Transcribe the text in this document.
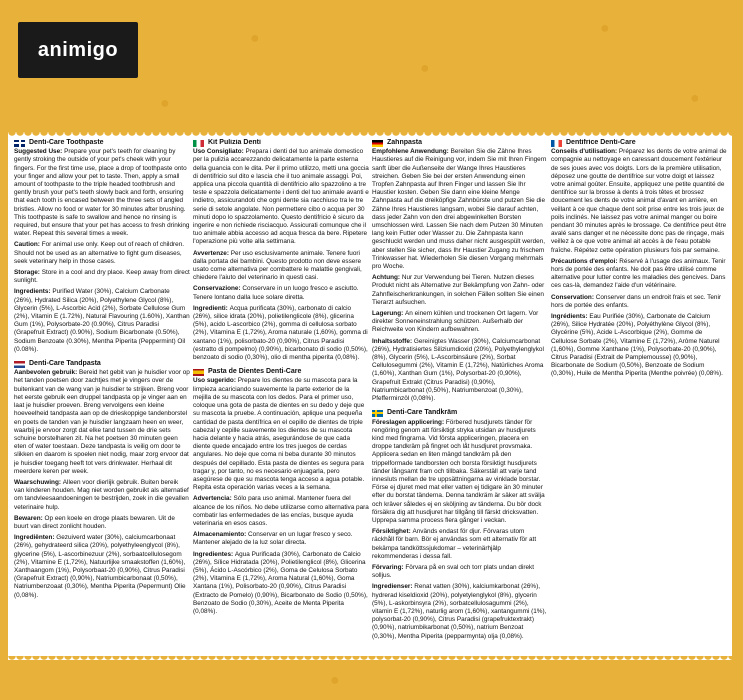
animigo	●
●
●
●
●
●
Denti-Care Toothpaste

Suggested Use: Prepare your pet's teeth for cleaning by gently stroking the outside of your pet's cheek with your fingers. For the first time use, place a drop of toothpaste onto your finger and allow your pet to taste. Then, apply a small amount of toothpaste to the triple headed toothbrush and gently brush your pet's teeth slowly back and forth, ensuring that each tooth is encased between the three sets of angled bristles. Allow no food or water for 30 minutes after brushing. This toothpaste is safe to swallow and hence no rinsing is required, but ensure that your pet has access to fresh drinking water. Repeat this several times a week.

Caution: For animal use only. Keep out of reach of children. Should not be used as an alternative to fight gum diseases, seek veterinary help in those cases.

Storage: Store in a cool and dry place. Keep away from direct sunlight.

Ingredients: Purified Water (30%), Calcium Carbonate (26%), Hydrated Silica (20%), Polyethylene Glycol (8%), Glycerin (5%), L-Ascorbic Acid (2%), Sorbate Cellulose Gum (2%), Vitamin E (1.72%), Natural Flavouring (1.60%), Xanthan Gum (1%), Polysorbate-20 (0.90%), Citrus Paradisi (Grapefruit Extract) (0.90%), Sodium Bicarbonate (0.50%), Sodium Benzoate (0.30%), Mentha Piperita (Peppermint) Oil (0.08%).

Denti-Care Tandpasta

Aanbevolen gebruik: Bereid het gebit van je huisdier voor op het tanden poetsen door zachtjes met je vingers over de buitenkant van de wang van je huisdier te strijken. Breng voor het eerste gebruik een druppel tandpasta op je vinger aan en laat je huisdier proeven. Breng vervolgens een kleine hoeveelheid tandpasta aan op de drieskoppige tandenborstel en poets de tanden van je huisdier langzaam heen en weer, waarbij je ervoor zorgt dat elke tand tussen de drie sets schuine borstelharen zit. Na het poetsen 30 minuten geen eten of water toestaan. Deze tandpasta is veilig om door te slikken en daarom is spoelen niet nodig, maar zorg ervoor dat je huisdier toegang heeft tot vers drinkwater. Herhaal dit meerdere keren per week.

Waarschuwing: Alleen voor dierlijk gebruik. Buiten bereik van kinderen houden. Mag niet worden gebruikt als alternatief om tandvleesaandoeningen te bestrijden, zoek in die gevallen veterinaire hulp.

Bewaren: Op een koele en droge plaats bewaren. Uit de buurt van direct zonlicht houden.

Ingrediënten: Gezuiverd water (30%), calciumcarbonaat (26%), gehydrateerd silica (20%), polyethyleenglycol (8%), glycerine (5%), L-ascorbinezuur (2%), sorbaatcellulosegom (2%), Vitamine E (1,72%), Natuurlijke smaakstoffen (1,60%), Xanthaangom (1%), Polysorbaat-20 (0,90%), Citrus Paradisi (Grapefruit Extract) (0,90%), Natriumbicarbonaat (0,50%), Natriumbenzoaat (0,30%), Mentha Piperita (Pepermunt) Olie (0,08%).

Kit Pulizia Denti

Uso Consigliato: Prepara i denti del tuo animale domestico per la pulizia accarezzando delicatamente la parte esterna della guancia con le dita. Per il primo utilizzo, metti una goccia di dentifricio sul dito e lascia che il tuo animale assaggi. Poi, applica una piccola quantità di dentifricio allo spazzolino a tre teste e spazzola delicatamente i denti del tuo animale avanti e indietro, assicurandoti che ogni dente sia racchiuso tra le tre serie di setole angolate. Non permettere cibo o acqua per 30 minuti dopo lo spazzolamento. Questo dentifricio è sicuro da ingerire e non richiede risciacquo. Assicurati comunque che il tuo animale abbia accesso ad acqua fresca da bere. Ripetere l'operazione più volte alla settimana.

Avvertenze: Per uso esclusivamente animale. Tenere fuori dalla portata dei bambini. Questo prodotto non deve essere usato come alternativa per combattere le malattie gengivali, chiedere l'aiuto del veterinario in questi casi.

Conservazione: Conservare in un luogo fresco e asciutto. Tenere lontano dalla luce solare diretta.

Ingredienti: Acqua purificata (30%), carbonato di calcio (26%), silice idrata (20%), polietilenglicole (8%), glicerina (5%), acido L-ascorbico (2%), gomma di cellulosa sorbato (2%), Vitamina E (1,72%), Aroma naturale (1,60%), gomma di xantano (1%), polisorbato-20 (0,90%), Citrus Paradisi (estratto di pompelmo) (0,90%), bicarbonato di sodio (0,50%), benzoato di sodio (0,30%), olio di mentha piperita (0,08%).

Pasta de Dientes Denti-Care

Uso sugerido: Prepare los dientes de su mascota para la limpieza acariciando suavemente la parte exterior de la mejilla de su mascota con los dedos. Para el primer uso, coloque una gota de pasta de dientes en su dedo y deje que su mascota la pruebe. A continuación, aplique una pequeña cantidad de pasta dentífrica en el cepillo de dientes de triple cabezal y cepille suavemente los dientes de su mascota hacia delante y hacia atrás, asegurándose de que cada diente quede encajado entre los tres juegos de cerdas angulares. No deje que coma ni beba durante 30 minutos después del cepillado. Esta pasta de dientes es segura para tragar y, por tanto, no es necesario enjuagarla, pero asegúrese de que su mascota tenga acceso a agua potable. Repita esta operación varias veces a la semana.

Advertencia: Sólo para uso animal. Mantener fuera del alcance de los niños. No debe utilizarse como alternativa para combatir las enfermedades de las encías, busque ayuda veterinaria en esos casos.

Almacenamiento: Conservar en un lugar fresco y seco. Mantener alejado de la luz solar directa.

Ingredientes: Agua Purificada (30%), Carbonato de Calcio (26%), Sílice Hidratada (20%), Polietilenglicol (8%), Glicerina (5%), Ácido L-Ascórbico (2%), Goma de Celulosa Sorbato (2%), Vitamina E (1,72%), Aroma Natural (1,60%), Goma Xantana (1%), Polisorbato-20 (0,90%), Citrus Paradisi (Extracto de Pomelo) (0,90%), Bicarbonato de Sodio (0,50%), Benzoato de Sodio (0,30%), Aceite de Menta Piperita (0,08%).

Zahnpasta

Empfohlene Anwendung: Bereiten Sie die Zähne Ihres Haustieres auf die Reinigung vor, indem Sie mit Ihren Fingern sanft über die Außenseite der Wange Ihres Haustieres streichen. Geben Sie bei der ersten Anwendung einen Tropfen Zahnpasta auf Ihren Finger und lassen Sie Ihr Haustier kosten. Geben Sie dann eine kleine Menge Zahnpasta auf die dreiköpfige Zahnbürste und putzen Sie die Zähne Ihres Haustieres langsam, wobei Sie darauf achten, dass jeder Zahn von den drei abgewinkelten Borsten umschlossen wird. Lassen Sie nach dem Putzen 30 Minuten lang kein Futter oder Wasser zu. Die Zahnpasta kann geschluckt werden und muss daher nicht ausgespült werden, aber stellen Sie sicher, dass Ihr Haustier Zugang zu frischem Trinkwasser hat. Wiederholen Sie diesen Vorgang mehrmals pro Woche.

Achtung: Nur zur Verwendung bei Tieren. Nutzen dieses Produkt nicht als Alternative zur Bekämpfung von Zahn- oder Zahnfleischerkrankungen, in solchen Fällen sollten Sie einen Tierarzt aufsuchen.

Lagerung: An einem kühlen und trockenen Ort lagern. Vor direkter Sonneneinstrahlung schützen. Außerhalb der Reichweite von Kindern aufbewahren.

Inhaltsstoffe: Gereinigtes Wasser (30%), Calciumcarbonat (26%), Hydratisiertes Siliziumdioxid (20%), Polyethylenglykol (8%), Glycerin (5%), L-Ascorbinsäure (2%), Sorbat Cellulosegummi (2%), Vitamin E (1,72%), Natürliches Aroma (1,60%), Xanthan Gum (1%), Polysorbat-20 (0,90%), Grapefruit Extrakt (Citrus Paradisi) (0,90%), Natriumbicarbonat (0,50%), Natriumbenzoat (0,30%), Pfefferminzöl (0,08%).

Denti-Care Tandkräm

Föreslagen applicering: Förbered husdjurets tänder för rengöring genom att försiktigt stryka utsidan av husdjurets kind med fingrarna. Vid första appliceringen, placera en droppe tandkräm på fingret och låt husdjuret provsmaka. Applicera sedan en liten mängd tandkräm på den trippelformade tandborsten och borsta försiktigt husdjurets tänder långsamt fram och tillbaka. Säkerställ att varje tand innesluts mellan de tre uppsättningarna av vinklade borstar. Förse ej djuret med mat eller vatten ej tidigare än 30 minuter efter du borstat tänderna. Denna tandkräm är säker att svälja och kräver således ej en sköljning av tänderna. Du bör dock försäkra dig att husdjuret har tillgång till färskt dricksvatten. Upprepa samma process flera gånger i veckan.

Försiktighet: Används endast för djur. Förvaras utom räckhåll för barn. Bör ej användas som ett alternativ för att bekämpa tandköttssjukdomar – veterinärhjälp rekommenderas i dessa fall.

Förvaring: Förvara på en sval och torr plats undan direkt solljus.

Ingredienser: Renat vatten (30%), kalciumkarbonat (26%), hydrerad kiseldioxid (20%), polyetylenglykol (8%), glycerin (5%), L-askorbinsyra (2%), sorbatcellulosagummi (2%), vitamin E (1,72%), naturlig arom (1,60%), xantangummi (1%), polysorbat-20 (0,90%), Citrus Paradisi (grapefruktextrakt) (0,90%), natriumbikarbonat (0,50%), natrium Benzoat (0,30%), Mentha Piperita (pepparmynta) olja (0,08%).

Dentifrice Denti-Care

Conseils d'utilisation: Préparez les dents de votre animal de compagnie au nettoyage en caressant doucement l'extérieur de ses joues avec vos doigts. Lors de la première utilisation, déposez une goutte de dentifrice sur votre doigt et laissez votre animal goûter. Ensuite, appliquez une petite quantité de dentifrice sur la brosse à dents à trois têtes et brossez doucement les dents de votre animal d'avant en arrière, en veillant à ce que chaque dent soit prise entre les trois jeux de poils inclinés. Ne laissez pas votre animal manger ou boire pendant 30 minutes après le brossage. Ce dentifrice peut être avalé sans danger et ne nécessite donc pas de rinçage, mais veillez à ce que votre animal ait accès à de l'eau potable fraîche. Répétez cette opération plusieurs fois par semaine.

Précautions d'emploi: Réservé à l'usage des animaux. Tenir hors de portée des enfants. Ne doit pas être utilisé comme alternative pour lutter contre les maladies des gencives. Dans ces cas-là, demandez l'aide d'un vétérinaire.

Conservation: Conserver dans un endroit frais et sec. Tenir hors de portée des enfants.

Ingrédients: Eau Purifiée (30%), Carbonate de Calcium (26%), Silice Hydratée (20%), Polyéthylène Glycol (8%), Glycérine (5%), Acide L-Ascorbique (2%), Gomme de Cellulose Sorbate (2%), Vitamine E (1,72%), Arôme Naturel (1,60%), Gomme Xanthane (1%), Polysorbate-20 (0,90%), Citrus Paradisi (Extrait de Pamplemousse) (0,90%), Bicarbonate de Sodium (0,50%), Benzoate de Sodium (0,30%), Huile de Mentha Piperita (Menthe poivrée) (0,08%).
